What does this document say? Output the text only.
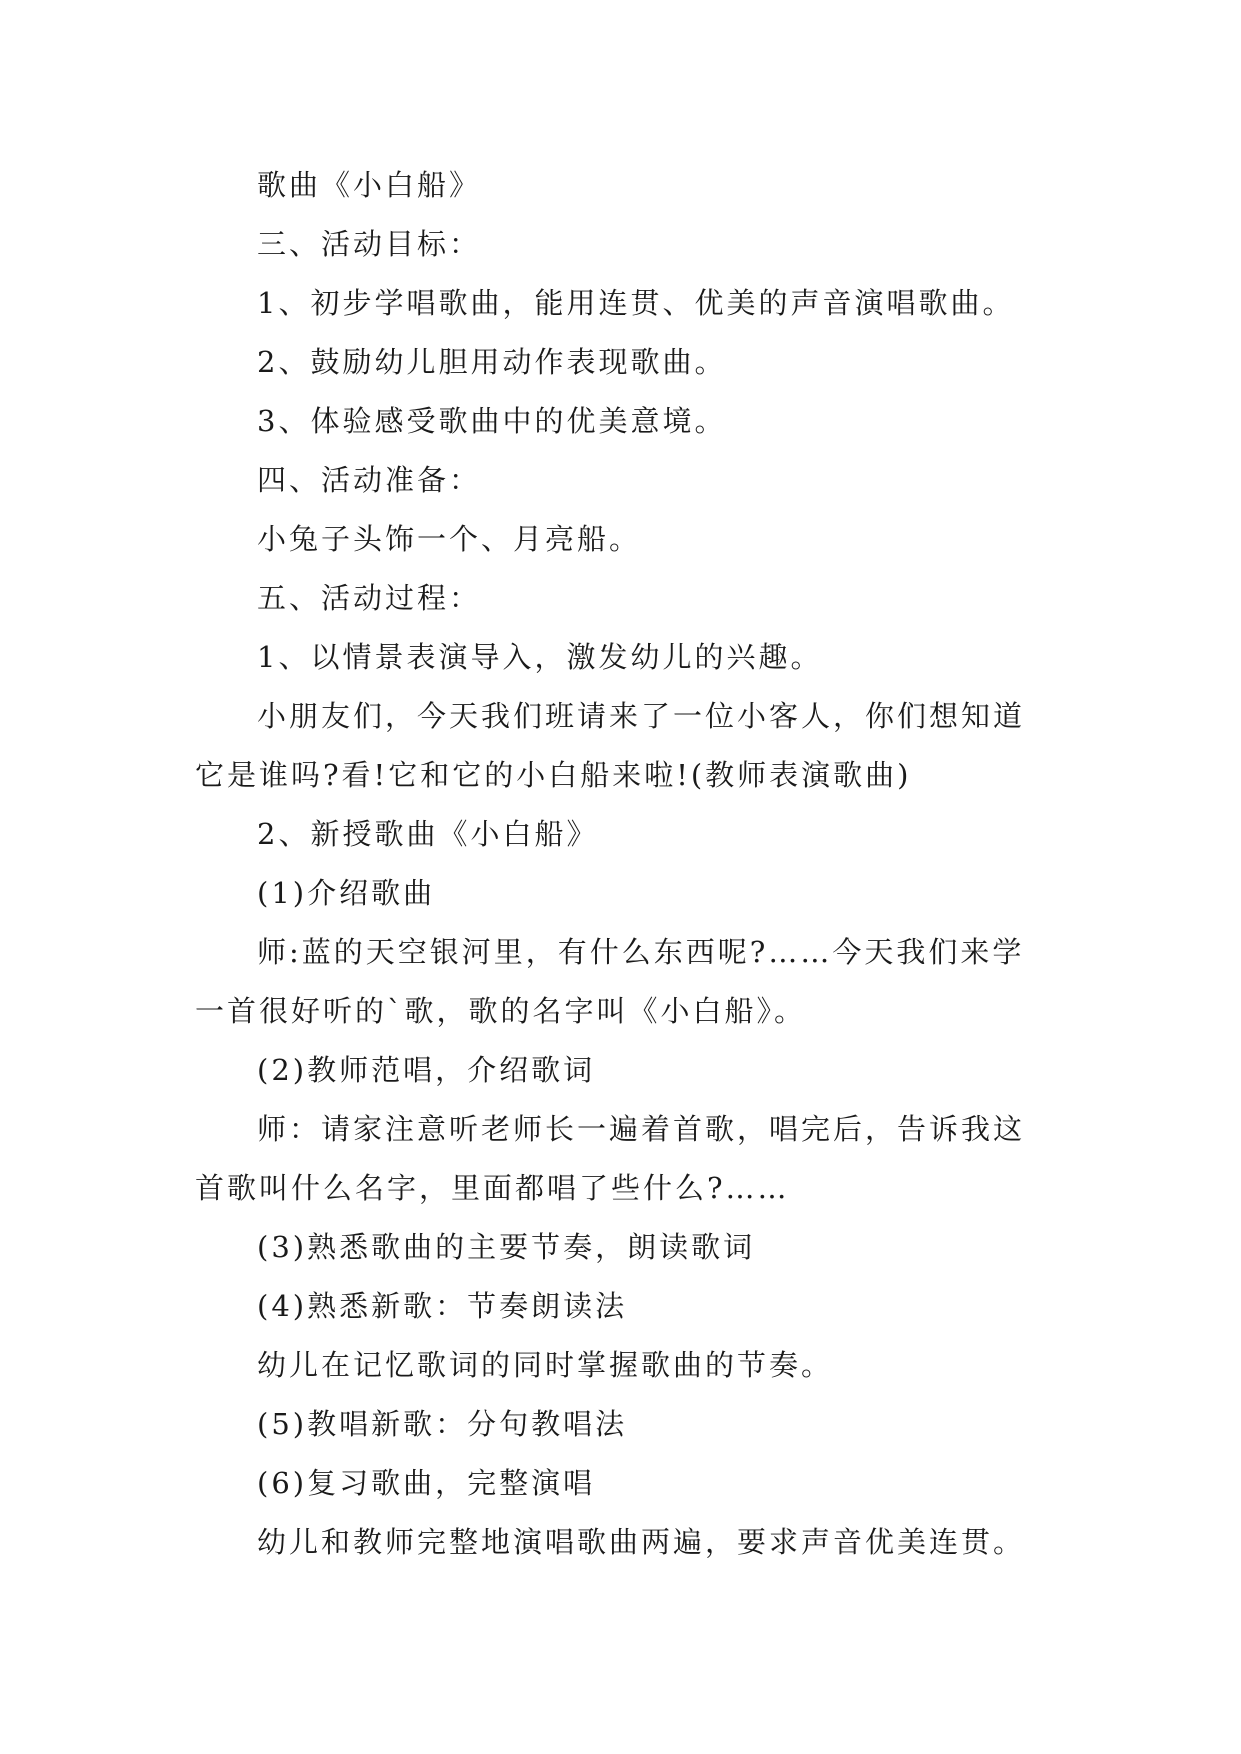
歌曲《小白船》
三、活动目标：
1、初步学唱歌曲，能用连贯、优美的声音演唱歌曲。
2、鼓励幼儿胆用动作表现歌曲。
3、体验感受歌曲中的优美意境。
四、活动准备：
小兔子头饰一个、月亮船。
五、活动过程：
1、以情景表演导入，激发幼儿的兴趣。
小朋友们，今天我们班请来了一位小客人，你们想知道
它是谁吗?看!它和它的小白船来啦!(教师表演歌曲)
2、新授歌曲《小白船》
(1)介绍歌曲
师:蓝的天空银河里，有什么东西呢?……今天我们来学
一首很好听的`歌，歌的名字叫《小白船》。
(2)教师范唱，介绍歌词
师：请家注意听老师长一遍着首歌，唱完后，告诉我这
首歌叫什么名字，里面都唱了些什么?……
(3)熟悉歌曲的主要节奏，朗读歌词
(4)熟悉新歌：节奏朗读法
幼儿在记忆歌词的同时掌握歌曲的节奏。
(5)教唱新歌：分句教唱法
(6)复习歌曲，完整演唱
幼儿和教师完整地演唱歌曲两遍，要求声音优美连贯。
